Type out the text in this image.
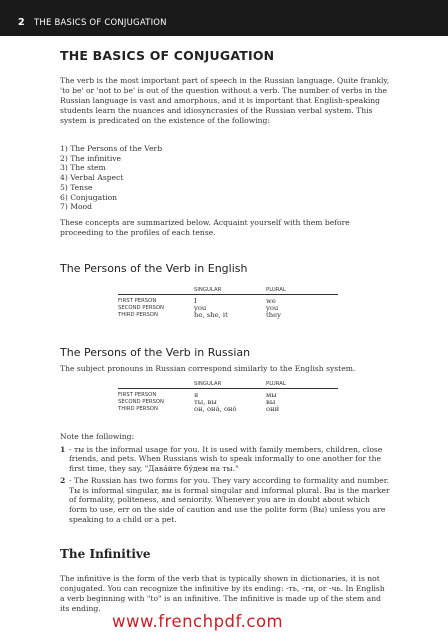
2 THE BASICS OF CONJUGATION
THE BASICS OF CONJUGATION
The verb is the most important part of speech in the Russian language. Quite frankly, 'to be' or 'not to be' is out of the question without a verb. The number of verbs in the Russian language is vast and amorphous, and it is important that English-speaking students learn the nuances and idiosyncrasies of the Russian verbal system. This system is predicated on the existence of the following:
1) The Persons of the Verb
2) The infinitive
3) The stem
4) Verbal Aspect
5) Tense
6) Conjugation
7) Mood
These concepts are summarized below. Acquaint yourself with them before proceeding to the profiles of each tense.
The Persons of the Verb in English
SINGULAR	PLURAL
FIRST PERSON	I	we
SECOND PERSON	you	you
THIRD PERSON	he, she, it	they
The Persons of the Verb in Russian
The subject pronouns in Russian correspond similarly to the English system.
SINGULAR	PLURAL
FIRST PERSON	я	мы
SECOND PERSON	ты, вы	вы
THIRD PERSON	он, онá, онó	они́
Note the following:
1 - ты is the informal usage for you. It is used with family members, children, close friends, and pets. When Russians wish to speak informally to one another for the first time, they say, "Давáйте бу́дем на ты."
2 - The Russian has two forms for you. They vary according to formality and number. Ты is informal singular, вы is formal singular and informal plural. Вы is the marker of formality, politeness, and seniority. Whenever you are in doubt about which form to use, err on the side of caution and use the polite form (Вы) unless you are speaking to a child or a pet.
The Infinitive
The infinitive is the form of the verb that is typically shown in dictionaries, it is not conjugated. You can recognize the infinitive by its ending: -ть, -ти, or -чь. In English a verb beginning with "to" is an infinitive. The infinitive is made up of the stem and its ending.
www.frenchpdf.com
